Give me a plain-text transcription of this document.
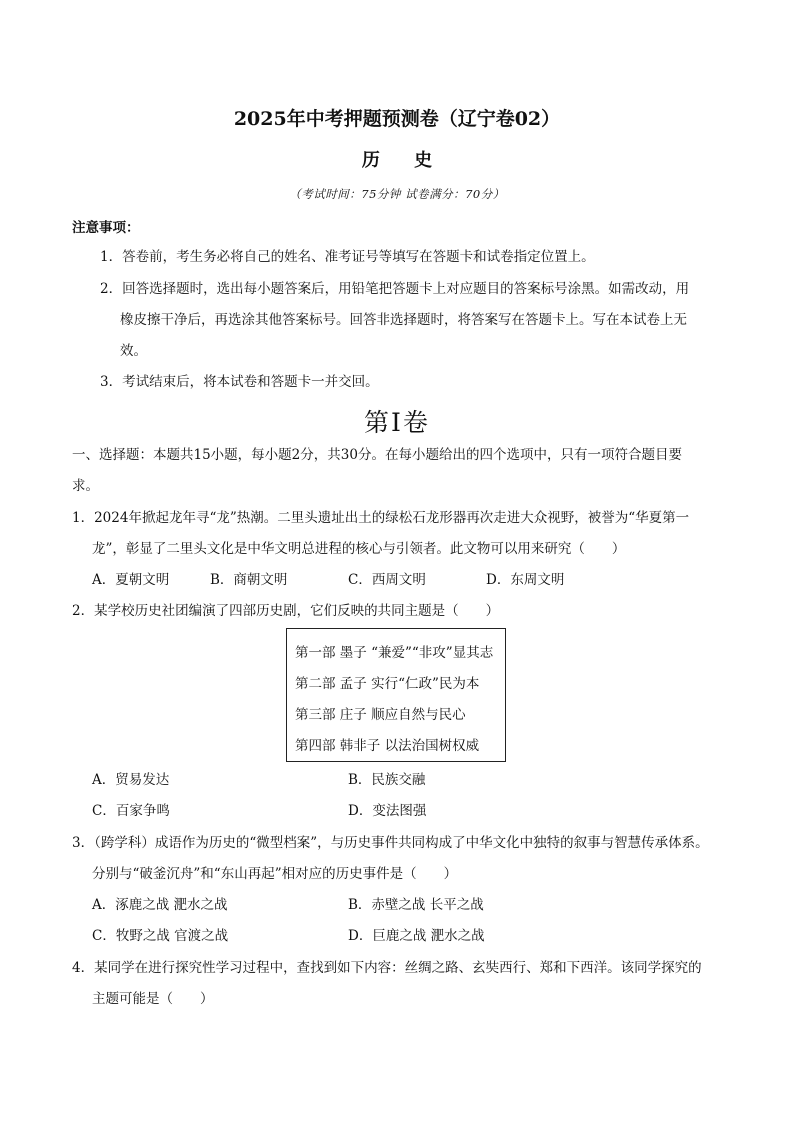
2025年中考押题预测卷（辽宁卷02）
历 史
（考试时间：75分钟 试卷满分：70分）
注意事项：
1．答卷前，考生务必将自己的姓名、准考证号等填写在答题卡和试卷指定位置上。
2．回答选择题时，选出每小题答案后，用铅笔把答题卡上对应题目的答案标号涂黑。如需改动，用
橡皮擦干净后，再选涂其他答案标号。回答非选择题时，将答案写在答题卡上。写在本试卷上无
效。
3．考试结束后，将本试卷和答题卡一并交回。
第Ⅰ卷
一、选择题：本题共15小题，每小题2分，共30分。在每小题给出的四个选项中，只有一项符合题目要
求。
1．2024年掀起龙年寻“龙”热潮。二里头遗址出土的绿松石龙形器再次走进大众视野，被誉为“华夏第一
龙”，彰显了二里头文化是中华文明总进程的核心与引领者。此文物可以用来研究（　　）
A．夏朝文明	B．商朝文明	C．西周文明	D．东周文明
2．某学校历史社团编演了四部历史剧，它们反映的共同主题是（　　）
第一部 墨子 “兼爱”“非攻”显其志
第二部 孟子 实行“仁政”民为本
第三部 庄子 顺应自然与民心
第四部 韩非子 以法治国树权威
A．贸易发达	B．民族交融
C．百家争鸣	D．变法图强
3．（跨学科）成语作为历史的“微型档案”，与历史事件共同构成了中华文化中独特的叙事与智慧传承体系。
分别与“破釜沉舟”和“东山再起”相对应的历史事件是（　　）
A．涿鹿之战 淝水之战	B．赤壁之战 长平之战
C．牧野之战 官渡之战	D．巨鹿之战 淝水之战
4．某同学在进行探究性学习过程中，查找到如下内容：丝绸之路、玄奘西行、郑和下西洋。该同学探究的
主题可能是（　　）
